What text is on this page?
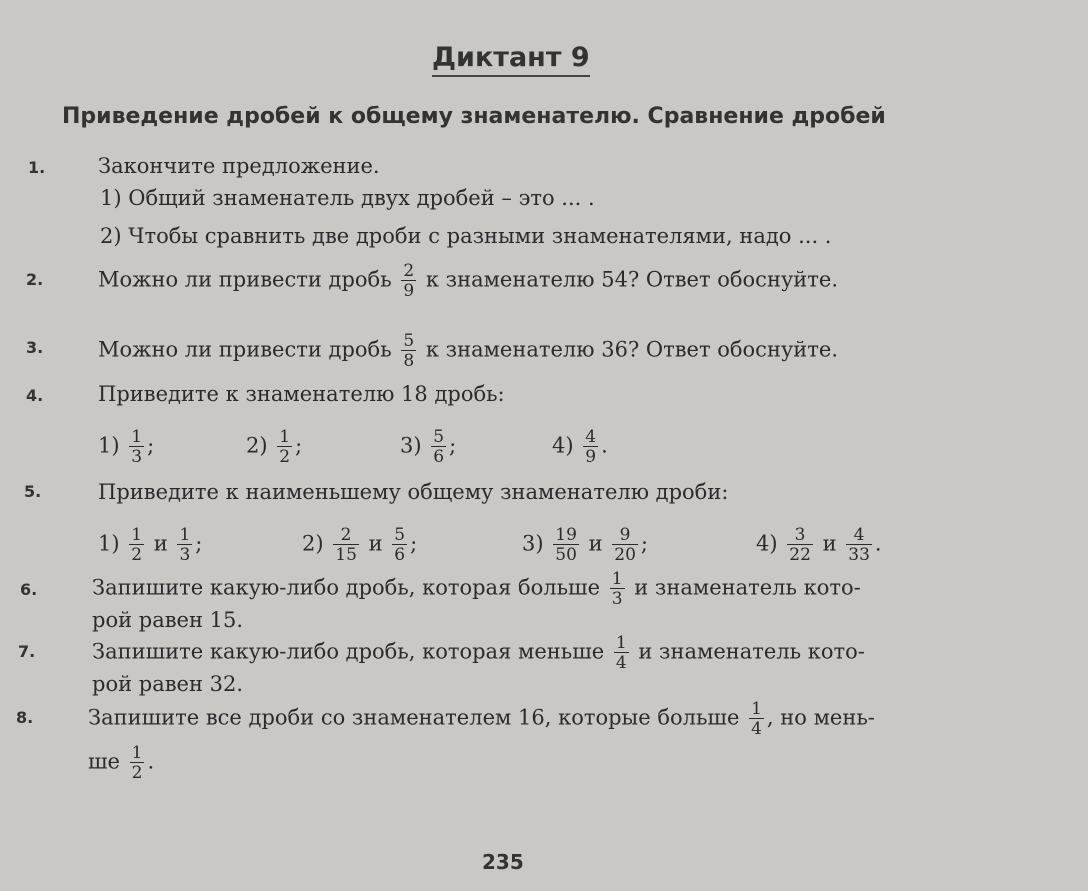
Диктант 9
Приведение дробей к общему знаменателю. Сравнение дробей
1.	Закончите предложение.
1) Общий знаменатель двух дробей – это ... .
2) Чтобы сравнить две дроби с разными знаменателями, надо ... .
2.	Можно ли привести дробь $\frac{2}{9}$ к знаменателю 54? Ответ обоснуйте.
3.	Можно ли привести дробь $\frac{5}{8}$ к знаменателю 36? Ответ обоснуйте.
4.	Приведите к знаменателю 18 дробь:
$1) \frac{1}{3}$ ;	$2) \frac{1}{2}$ ;	$3) \frac{5}{6}$ ;	$4) \frac{4}{9}$ .
5.	Приведите к наименьшему общему знаменателю дроби:
$1) \frac{1}{2}$ и $\frac{1}{3}$ ;	$2) \frac{2}{15}$ и $\frac{5}{6}$ ;	$3) \frac{19}{50}$ и $\frac{9}{20}$ ;	$4) \frac{3}{22}$ и $\frac{4}{33}$ .
6.	Запишите какую-либо дробь, которая больше $\frac{1}{3}$ и знаменатель кото-
рой равен 15.
7.	Запишите какую-либо дробь, которая меньше $\frac{1}{4}$ и знаменатель кото-
рой равен 32.
8.	Запишите все дроби со знаменателем 16, которые больше $\frac{1}{4}$ , но мень-
ше $\frac{1}{2}$ .
235
